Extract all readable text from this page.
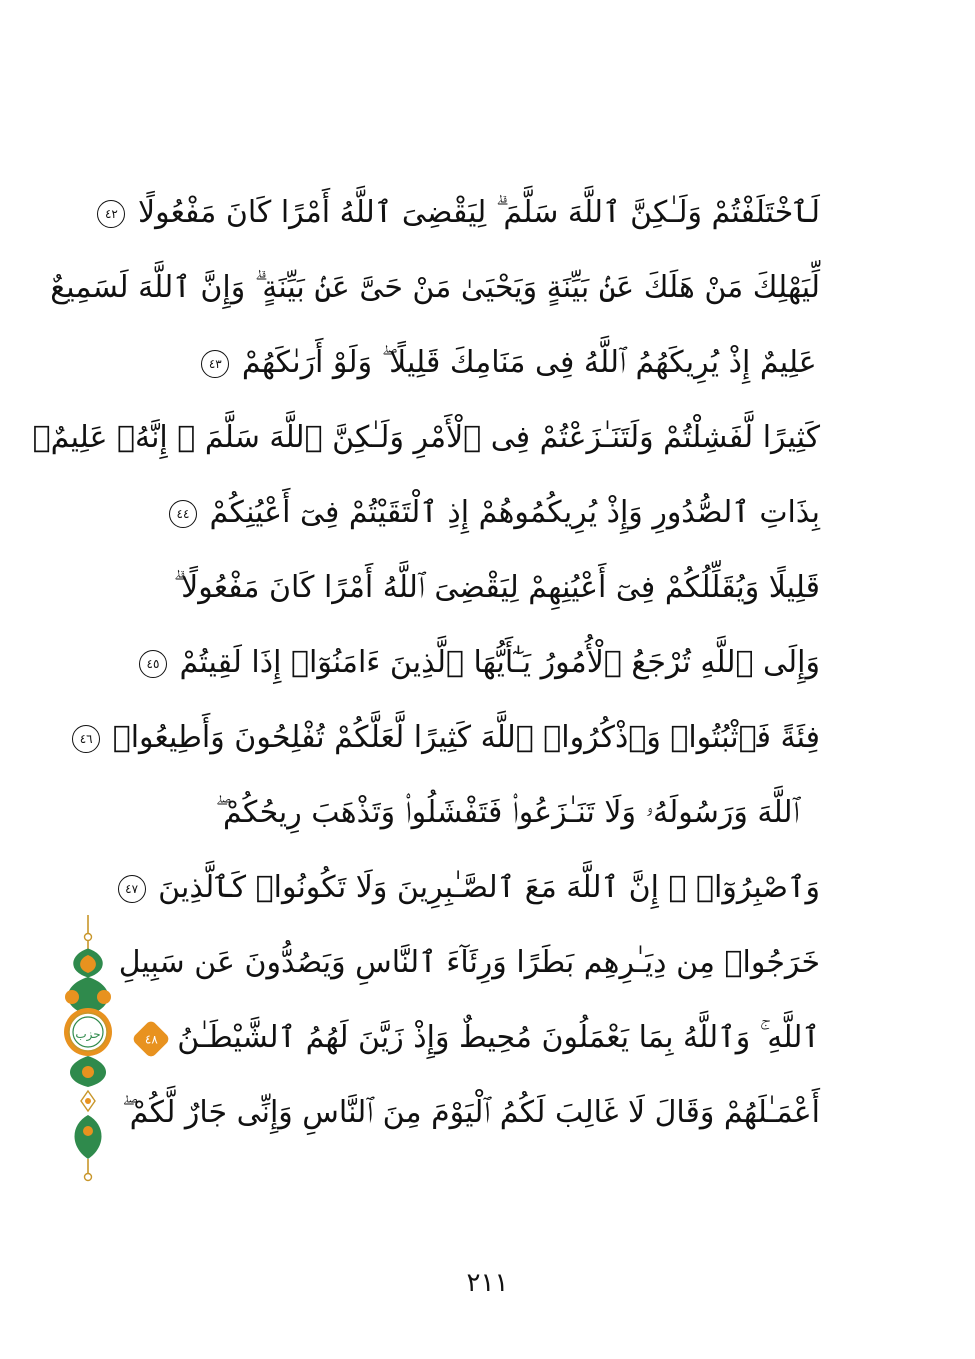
حزب
لَٱخْتَلَفْتُمْ وَلَـٰكِنَّ ٱللَّهَ سَلَّمَ ۗ لِيَقْضِىَ ٱللَّهُ أَمْرًا كَانَ مَفْعُولًا ٤٢
لِّيَهْلِكَ مَنْ هَلَكَ عَنۢ بَيِّنَةٍ وَيَحْيَىٰ مَنْ حَىَّ عَنۢ بَيِّنَةٍ ۗ وَإِنَّ ٱللَّهَ لَسَمِيعٌ
عَلِيمٌ إِذْ يُرِيكَهُمُ ٱللَّهُ فِى مَنَامِكَ قَلِيلًا ۖ وَلَوْ أَرَىٰكَهُمْ ٤٣
كَثِيرًا لَّفَشِلْتُمْ وَلَتَنَـٰزَعْتُمْ فِى ٱلْأَمْرِ وَلَـٰكِنَّ ٱللَّهَ سَلَّمَ ۗ إِنَّهُۥ عَلِيمٌۢ
بِذَاتِ ٱلصُّدُورِ وَإِذْ يُرِيكُمُوهُمْ إِذِ ٱلْتَقَيْتُمْ فِىٓ أَعْيُنِكُمْ ٤٤
قَلِيلًا وَيُقَلِّلُكُمْ فِىٓ أَعْيُنِهِمْ لِيَقْضِىَ ٱللَّهُ أَمْرًا كَانَ مَفْعُولًا ۗ
وَإِلَى ٱللَّهِ تُرْجَعُ ٱلْأُمُورُ يَـٰٓأَيُّهَا ٱلَّذِينَ ءَامَنُوٓا۟ إِذَا لَقِيتُمْ ٤٥
فِئَةً فَٱثْبُتُوا۟ وَٱذْكُرُوا۟ ٱللَّهَ كَثِيرًا لَّعَلَّكُمْ تُفْلِحُونَ وَأَطِيعُوا۟ ٤٦
ٱللَّهَ وَرَسُولَهُۥ وَلَا تَنَـٰزَعُوا۟ فَتَفْشَلُوا۟ وَتَذْهَبَ رِيحُكُمْ ۖ
وَٱصْبِرُوٓا۟ ۚ إِنَّ ٱللَّهَ مَعَ ٱلصَّـٰبِرِينَ وَلَا تَكُونُوا۟ كَٱلَّذِينَ ٤٧
خَرَجُوا۟ مِن دِيَـٰرِهِم بَطَرًا وَرِئَآءَ ٱلنَّاسِ وَيَصُدُّونَ عَن سَبِيلِ
ٱللَّهِ ۚ وَٱللَّهُ بِمَا يَعْمَلُونَ مُحِيطٌ وَإِذْ زَيَّنَ لَهُمُ ٱلشَّيْطَـٰنُ ٤٨
أَعْمَـٰلَهُمْ وَقَالَ لَا غَالِبَ لَكُمُ ٱلْيَوْمَ مِنَ ٱلنَّاسِ وَإِنِّى جَارٌ لَّكُمْ ۖ
٢١١
